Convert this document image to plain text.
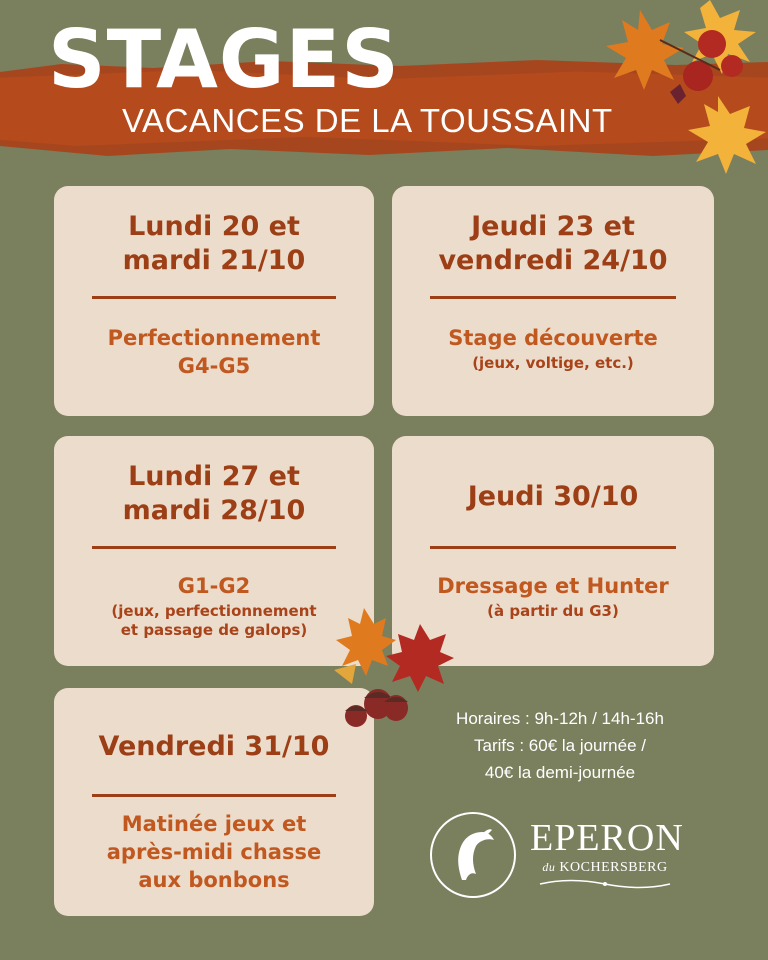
STAGES
VACANCES DE LA TOUSSAINT
Lundi 20 et
mardi 21/10
Perfectionnement
G4-G5
Jeudi 23 et
vendredi 24/10
Stage découverte
(jeux, voltige, etc.)
Lundi 27 et
mardi 28/10
G1-G2
(jeux, perfectionnement
et passage de galops)
Jeudi 30/10
Dressage et Hunter
(à partir du G3)
Vendredi 31/10
Matinée jeux et
après-midi chasse
aux bonbons
Horaires : 9h-12h / 14h-16h
Tarifs : 60€ la journée /
40€ la demi-journée
EPERON
du KOCHERSBERG
